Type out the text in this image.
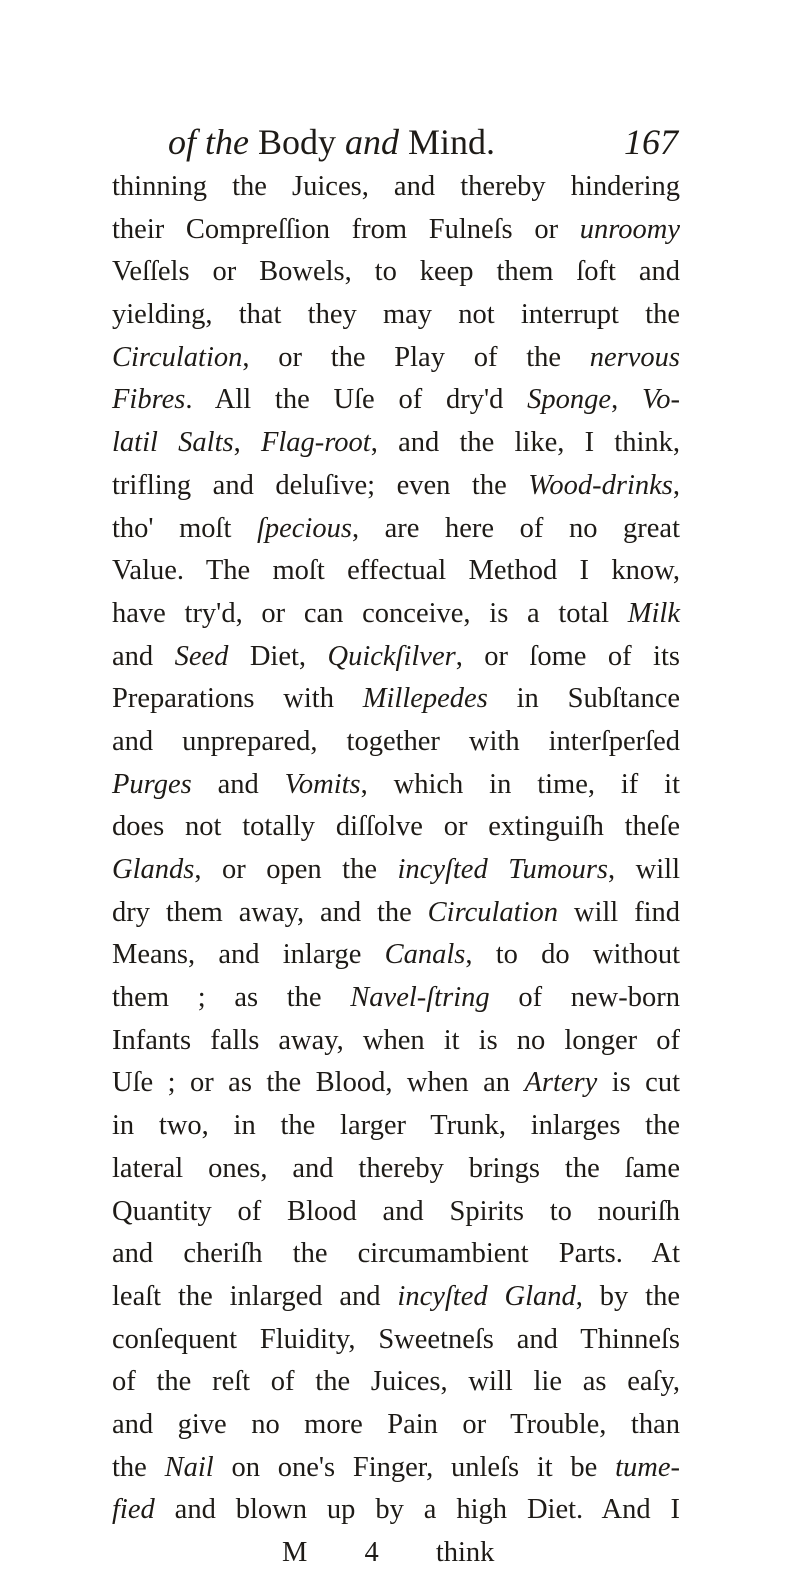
of the Body and Mind.	167
thinning the Juices, and thereby hindering
their Compreſſion from Fulneſs or unroomy
Veſſels or Bowels, to keep them ſoft and
yielding, that they may not interrupt the
Circulation, or the Play of the nervous
Fibres. All the Uſe of dry'd Sponge, Vo-
latil Salts, Flag-root, and the like, I think,
trifling and deluſive; even the Wood-drinks,
tho' moſt ſpecious, are here of no great
Value. The moſt effectual Method I know,
have try'd, or can conceive, is a total Milk
and Seed Diet, Quickſilver, or ſome of its
Preparations with Millepedes in Subſtance
and unprepared, together with interſperſed
Purges and Vomits, which in time, if it
does not totally diſſolve or extinguiſh theſe
Glands, or open the incyſted Tumours, will
dry them away, and the Circulation will find
Means, and inlarge Canals, to do without
them ; as the Navel-ſtring of new-born
Infants falls away, when it is no longer of
Uſe ; or as the Blood, when an Artery is cut
in two, in the larger Trunk, inlarges the
lateral ones, and thereby brings the ſame
Quantity of Blood and Spirits to nouriſh
and cheriſh the circumambient Parts. At
leaſt the inlarged and incyſted Gland, by the
conſequent Fluidity, Sweetneſs and Thinneſs
of the reſt of the Juices, will lie as eaſy,
and give no more Pain or Trouble, than
the Nail on one's Finger, unleſs it be tume-
fied and blown up by a high Diet. And I
M 4 think
